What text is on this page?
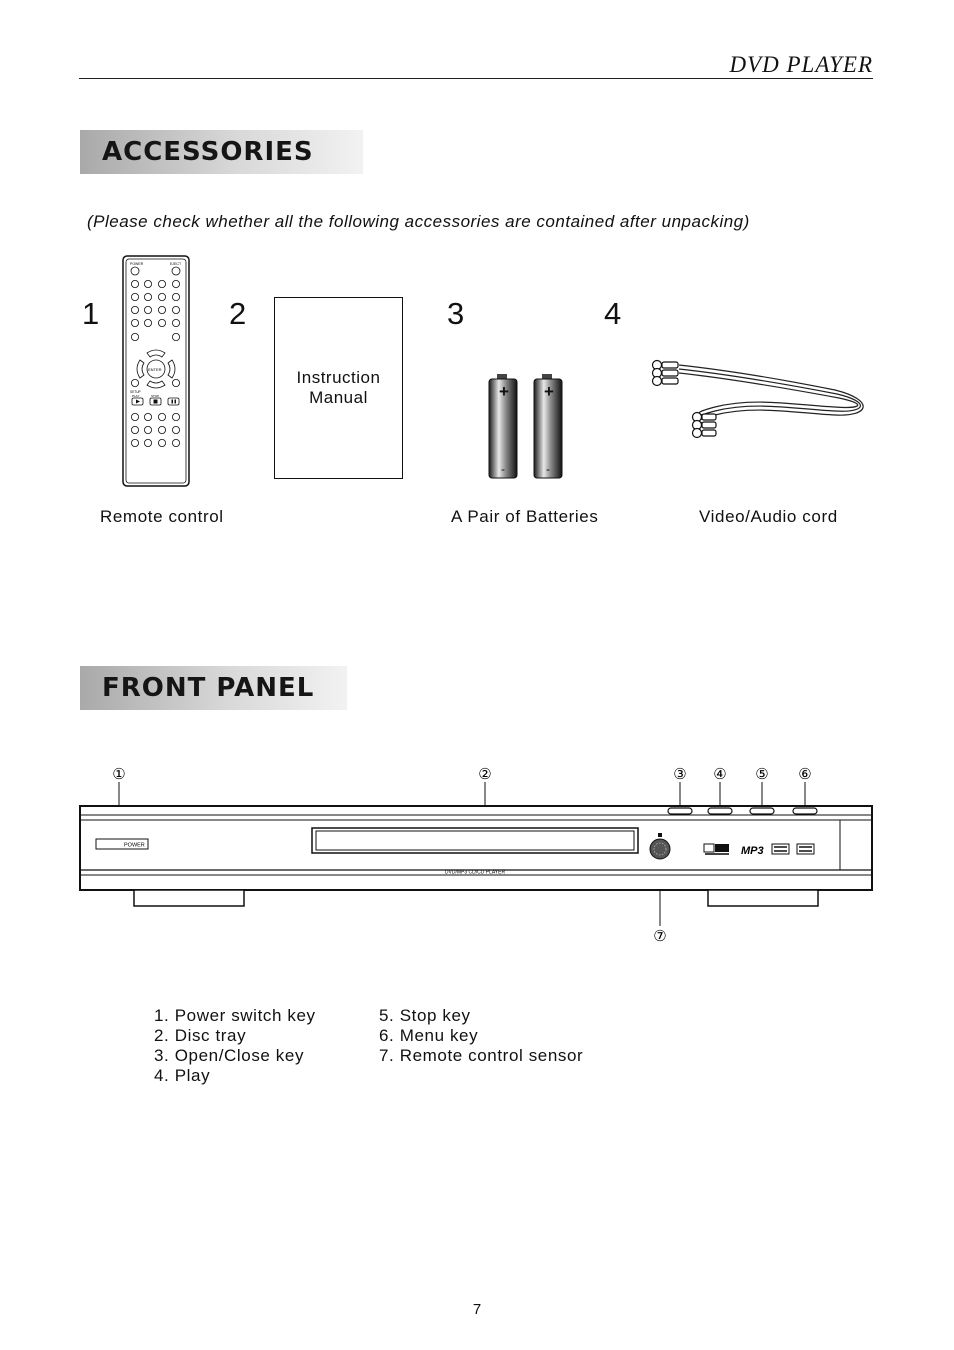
DVD PLAYER
ACCESSORIES
(Please check whether all the following accessories are contained after unpacking)
1	2	3	4
POWER	EJECT
ENTER
SETUP
PLAY	STOP
Instruction
Manual	+
-
+
-
Remote control	A Pair of Batteries	Video/Audio cord
FRONT PANEL
①	②	③ ④ ⑤ ⑥
⑦
POWER
DVD/MP3 CD/CD PLAYER
MP3
1. Power switch key
2. Disc tray
3. Open/Close key
4. Play
5. Stop key
6. Menu key
7. Remote control sensor
7
